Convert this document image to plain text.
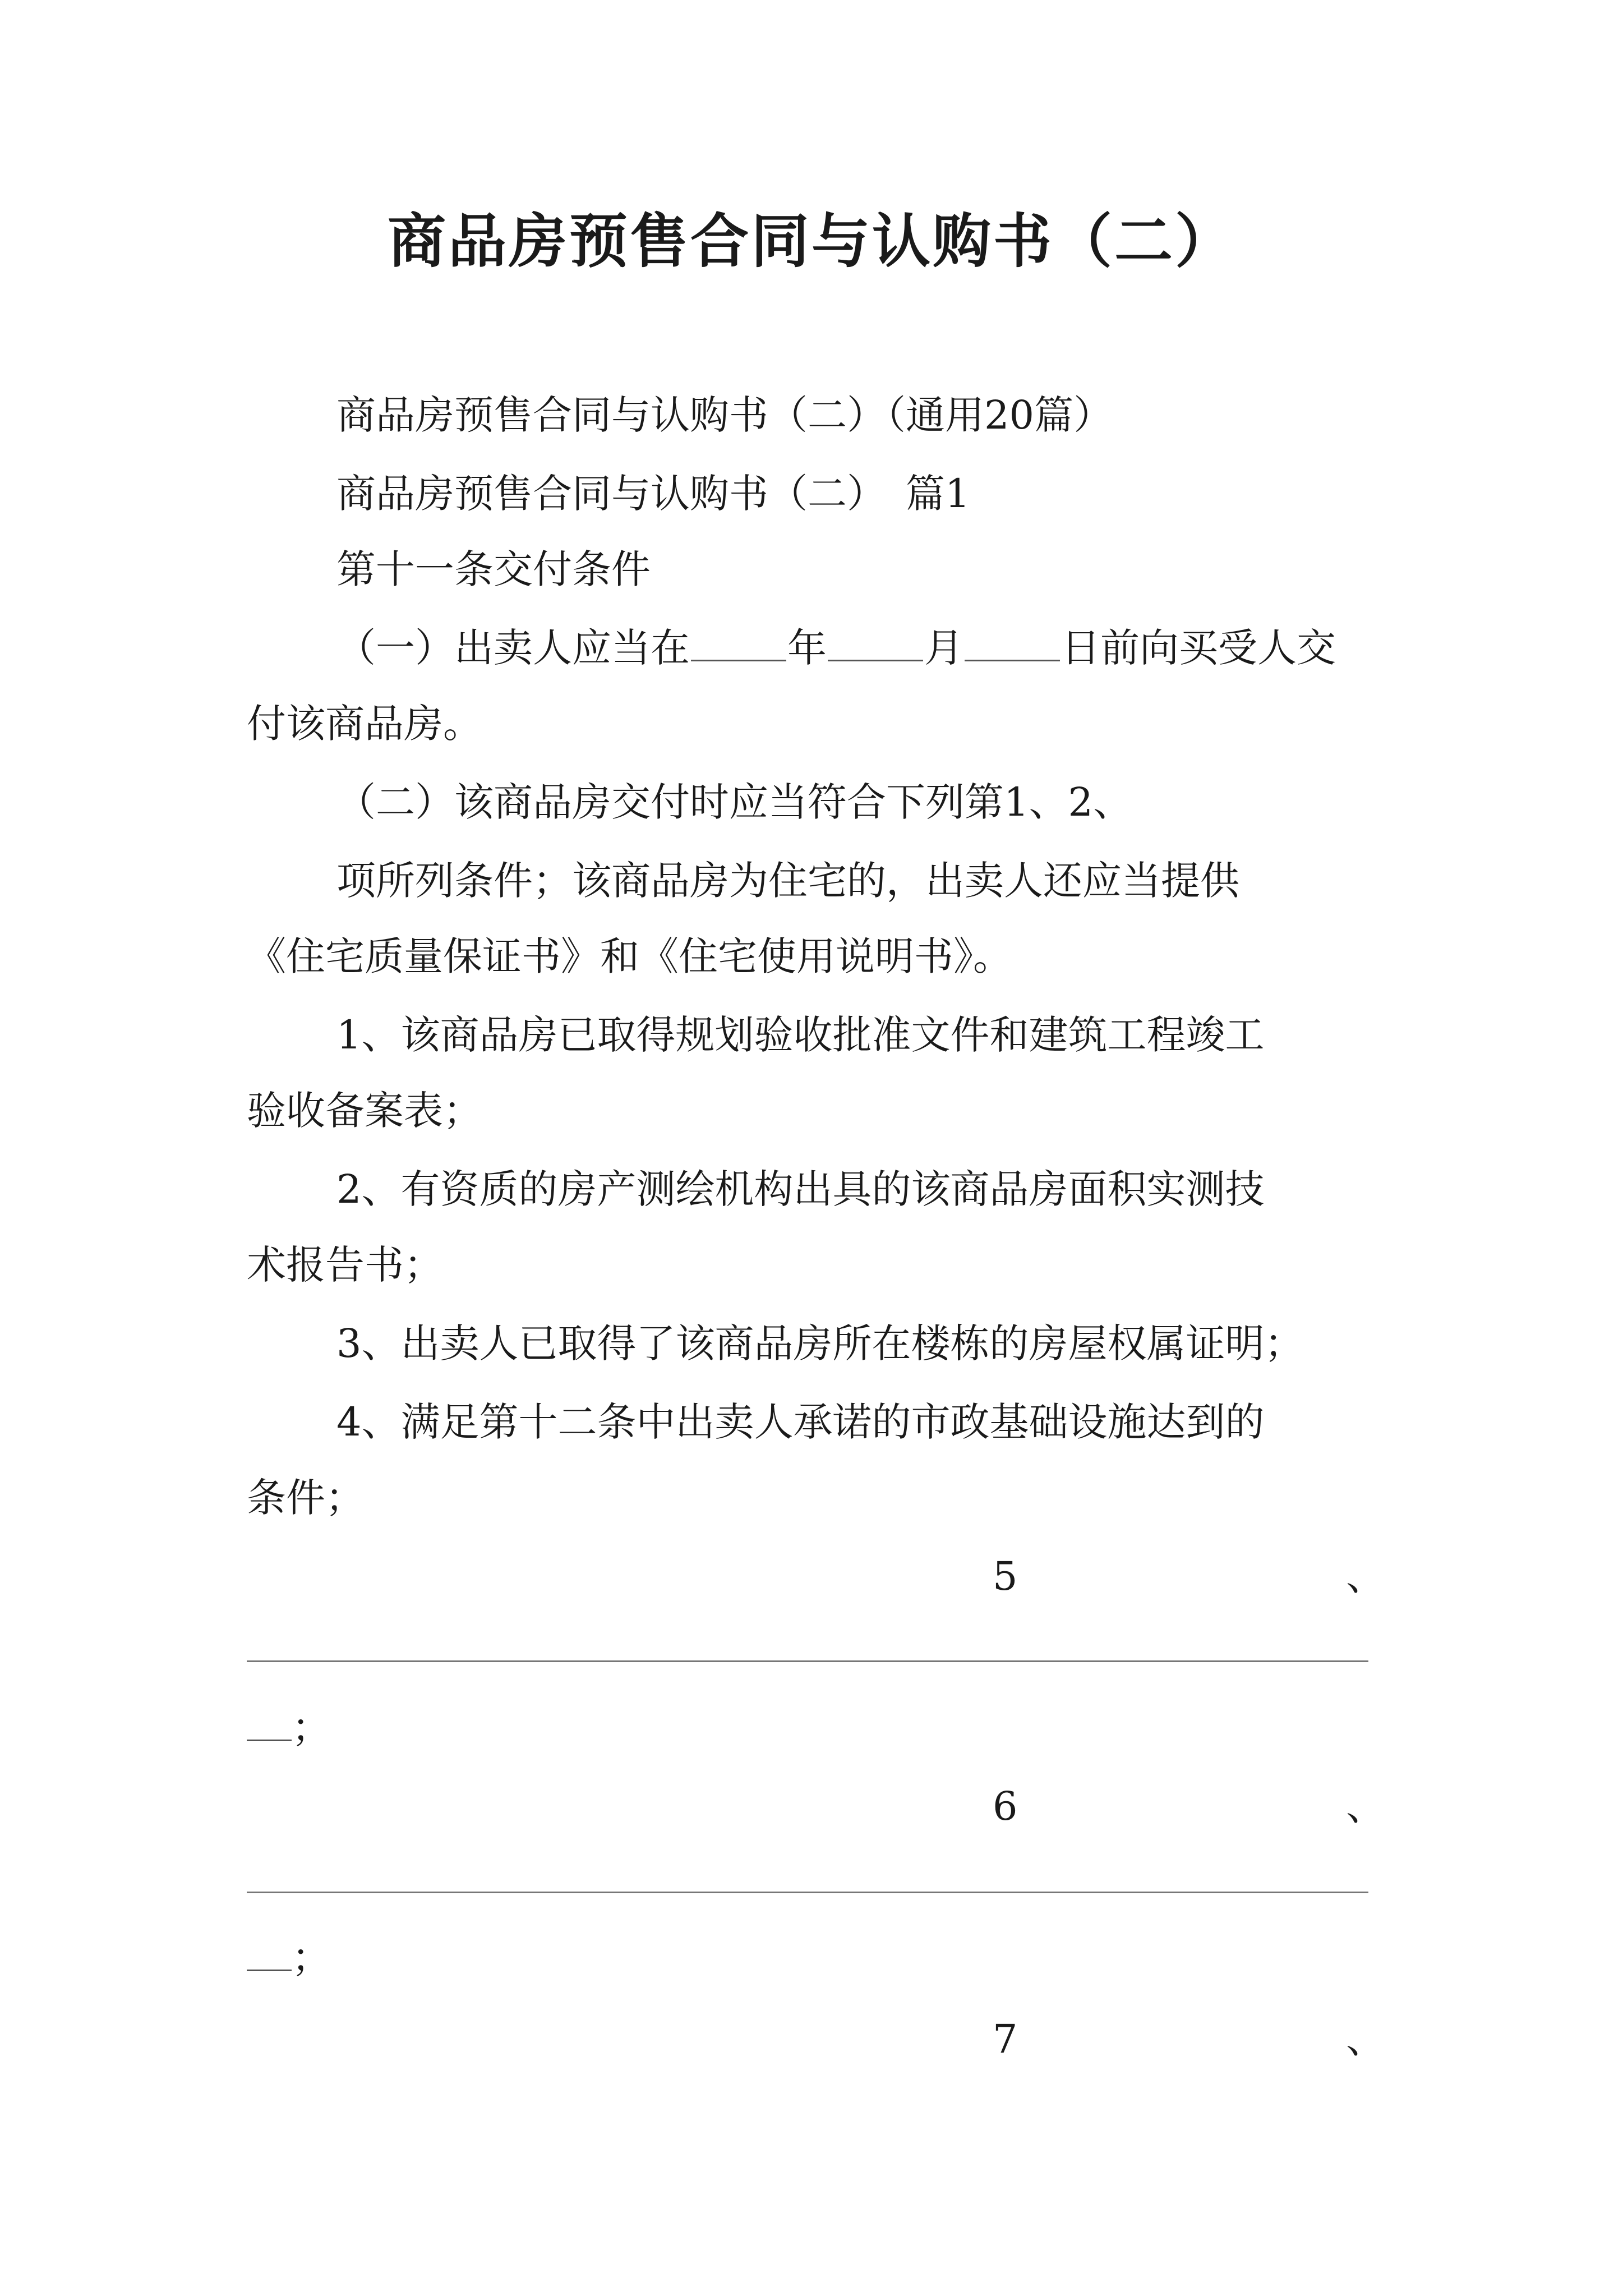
商品房预售合同与认购书（二）

商品房预售合同与认购书（二）（通用20篇）

商品房预售合同与认购书（二）　篇1

第十一条交付条件

（一）出卖人应当在 年 月 日前向买受人交

付该商品房。

（二）该商品房交付时应当符合下列第1、2、

项所列条件；该商品房为住宅的，出卖人还应当提供

《住宅质量保证书》和《住宅使用说明书》。

1、该商品房已取得规划验收批准文件和建筑工程竣工

验收备案表；

2、有资质的房产测绘机构出具的该商品房面积实测技

术报告书；

3、出卖人已取得了该商品房所在楼栋的房屋权属证明；

4、满足第十二条中出卖人承诺的市政基础设施达到的

条件；

5	、

；

6	、

；

7	、
